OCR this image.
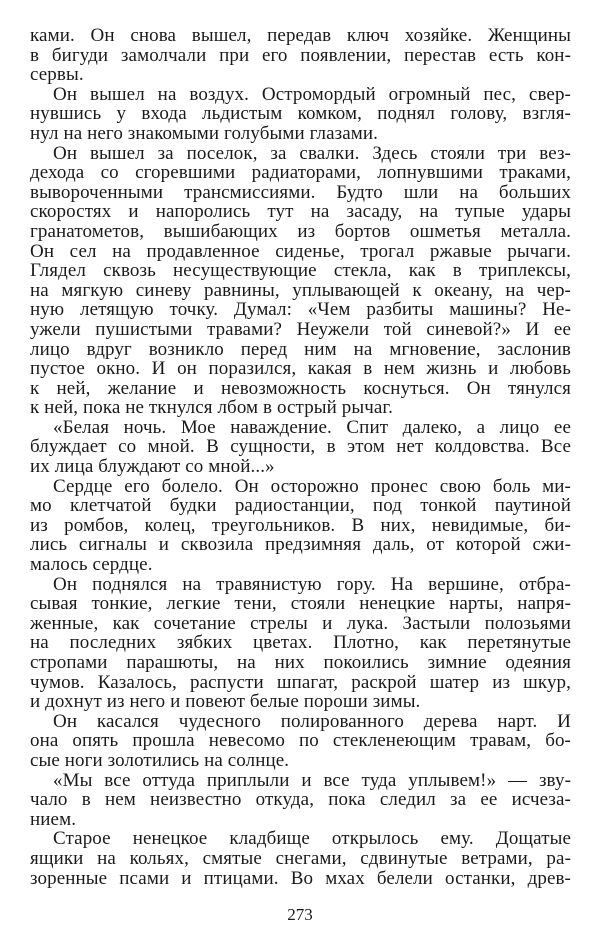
ками. Он снова вышел, передав ключ хозяйке. Женщины
в бигуди замолчали при его появлении, перестав есть кон-
сервы.
Он вышел на воздух. Остромордый огромный пес, свер-
нувшись у входа льдистым комком, поднял голову, взгля-
нул на него знакомыми голубыми глазами.
Он вышел за поселок, за свалки. Здесь стояли три вез-
дехода со сгоревшими радиаторами, лопнувшими траками,
вывороченными трансмиссиями. Будто шли на больших
скоростях и напоролись тут на засаду, на тупые удары
гранатометов, вышибающих из бортов ошметья металла.
Он сел на продавленное сиденье, трогал ржавые рычаги.
Глядел сквозь несуществующие стекла, как в триплексы,
на мягкую синеву равнины, уплывающей к океану, на чер-
ную летящую точку. Думал: «Чем разбиты машины? Не-
ужели пушистыми травами? Неужели той синевой?» И ее
лицо вдруг возникло перед ним на мгновение, заслонив
пустое окно. И он поразился, какая в нем жизнь и любовь
к ней, желание и невозможность коснуться. Он тянулся
к ней, пока не ткнулся лбом в острый рычаг.
«Белая ночь. Мое наваждение. Спит далеко, а лицо ее
блуждает со мной. В сущности, в этом нет колдовства. Все
их лица блуждают со мной...»
Сердце его болело. Он осторожно пронес свою боль ми-
мо клетчатой будки радиостанции, под тонкой паутиной
из ромбов, колец, треугольников. В них, невидимые, би-
лись сигналы и сквозила предзимняя даль, от которой сжи-
малось сердце.
Он поднялся на травянистую гору. На вершине, отбра-
сывая тонкие, легкие тени, стояли ненецкие нарты, напря-
женные, как сочетание стрелы и лука. Застыли полозьями
на последних зябких цветах. Плотно, как перетянутые
стропами парашюты, на них покоились зимние одеяния
чумов. Казалось, распусти шпагат, раскрой шатер из шкур,
и дохнут из него и повеют белые пороши зимы.
Он касался чудесного полированного дерева нарт. И
она опять прошла невесомо по стекленеющим травам, бо-
сые ноги золотились на солнце.
«Мы все оттуда приплыли и все туда уплывем!» — зву-
чало в нем неизвестно откуда, пока следил за ее исчеза-
нием.
Старое ненецкое кладбище открылось ему. Дощатые
ящики на кольях, смятые снегами, сдвинутые ветрами, ра-
зоренные псами и птицами. Во мхах белели останки, древ-
273
